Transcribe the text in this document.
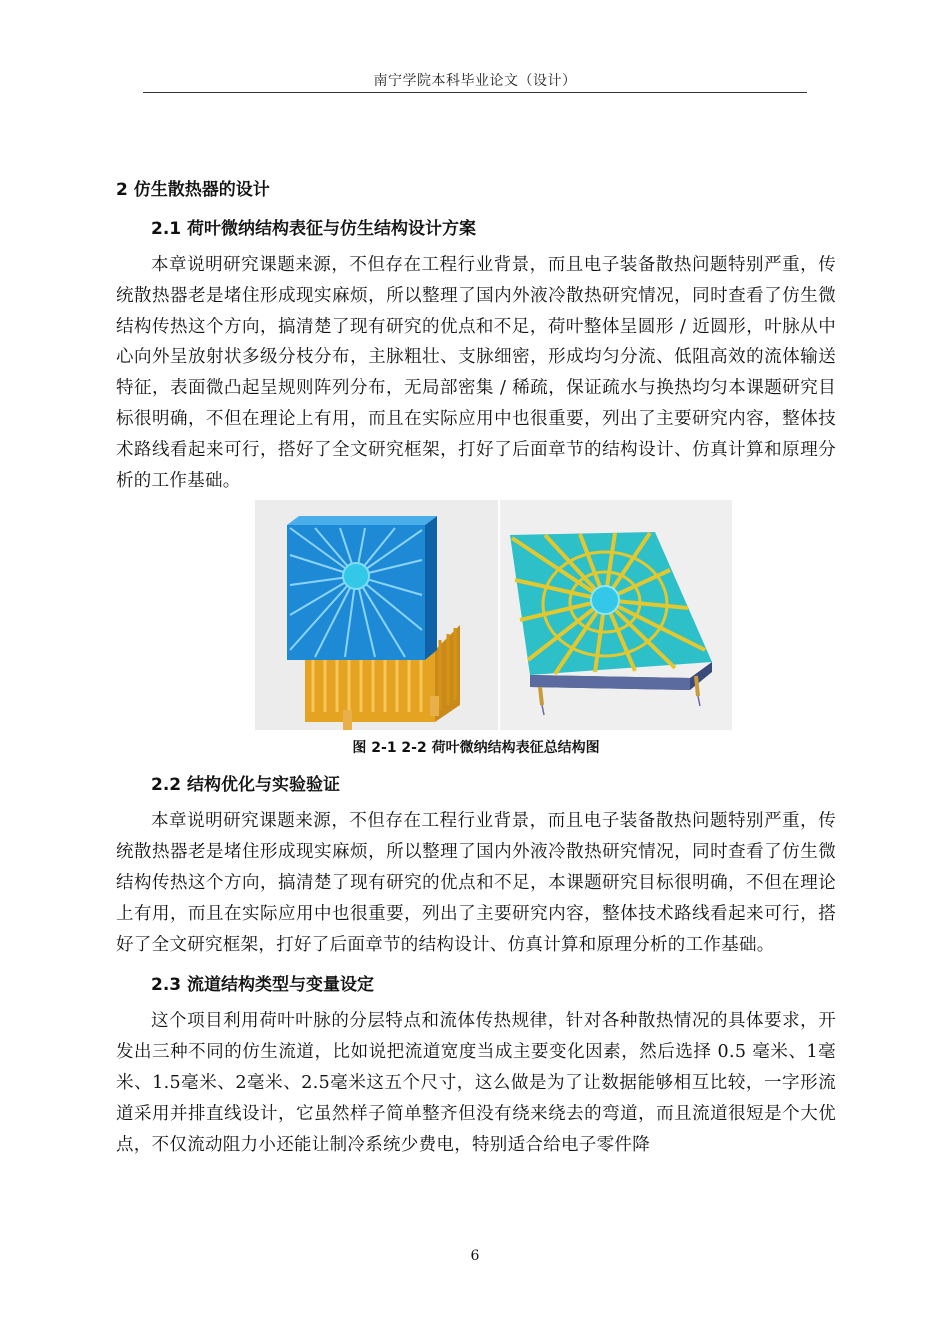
南宁学院本科毕业论文（设计）
2 仿生散热器的设计
2.1 荷叶微纳结构表征与仿生结构设计方案

本章说明研究课题来源，不但存在工程行业背景，而且电子装备散热问题特别严重，传统散热器老是堵住形成现实麻烦，所以整理了国内外液冷散热研究情况，同时查看了仿生微结构传热这个方向，搞清楚了现有研究的优点和不足，荷叶整体呈圆形 / 近圆形，叶脉从中心向外呈放射状多级分枝分布，主脉粗壮、支脉细密，形成均匀分流、低阻高效的流体输送特征，表面微凸起呈规则阵列分布，无局部密集 / 稀疏，保证疏水与换热均匀本课题研究目标很明确，不但在理论上有用，而且在实际应用中也很重要，列出了主要研究内容，整体技术路线看起来可行，搭好了全文研究框架，打好了后面章节的结构设计、仿真计算和原理分析的工作基础。

图 2-1 2-2 荷叶微纳结构表征总结构图
2.2 结构优化与实验验证

本章说明研究课题来源，不但存在工程行业背景，而且电子装备散热问题特别严重，传统散热器老是堵住形成现实麻烦，所以整理了国内外液冷散热研究情况，同时查看了仿生微结构传热这个方向，搞清楚了现有研究的优点和不足，本课题研究目标很明确，不但在理论上有用，而且在实际应用中也很重要，列出了主要研究内容，整体技术路线看起来可行，搭好了全文研究框架，打好了后面章节的结构设计、仿真计算和原理分析的工作基础。

2.3 流道结构类型与变量设定

这个项目利用荷叶叶脉的分层特点和流体传热规律，针对各种散热情况的具体要求，开发出三种不同的仿生流道，比如说把流道宽度当成主要变化因素，然后选择 0.5 毫米、1毫米、1.5毫米、2毫米、2.5毫米这五个尺寸，这么做是为了让数据能够相互比较，一字形流道采用并排直线设计，它虽然样子简单整齐但没有绕来绕去的弯道，而且流道很短是个大优点，不仅流动阻力小还能让制冷系统少费电，特别适合给电子零件降

6
